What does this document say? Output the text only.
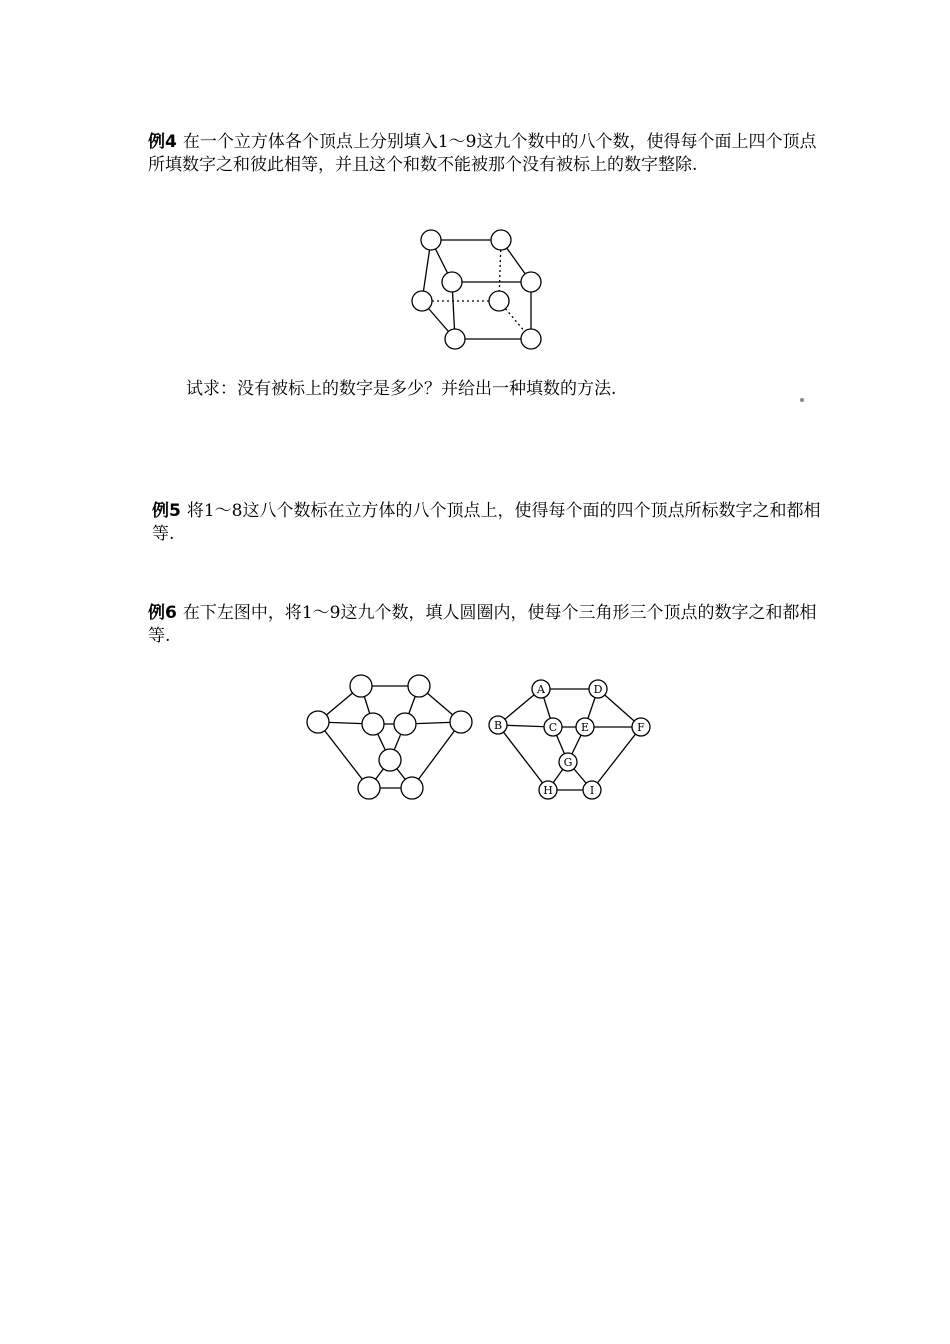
例4 在一个立方体各个顶点上分别填入1～9这九个数中的八个数，使得每个面上四个顶点所填数字之和彼此相等，并且这个和数不能被那个没有被标上的数字整除.

试求：没有被标上的数字是多少？并给出一种填数的方法.

例5 将1～8这八个数标在立方体的八个顶点上，使得每个面的四个顶点所标数字之和都相等.

例6 在下左图中，将1～9这九个数，填人圆圈内，使每个三角形三个顶点的数字之和都相等.

A	D
B	C E	F
G
H	I
